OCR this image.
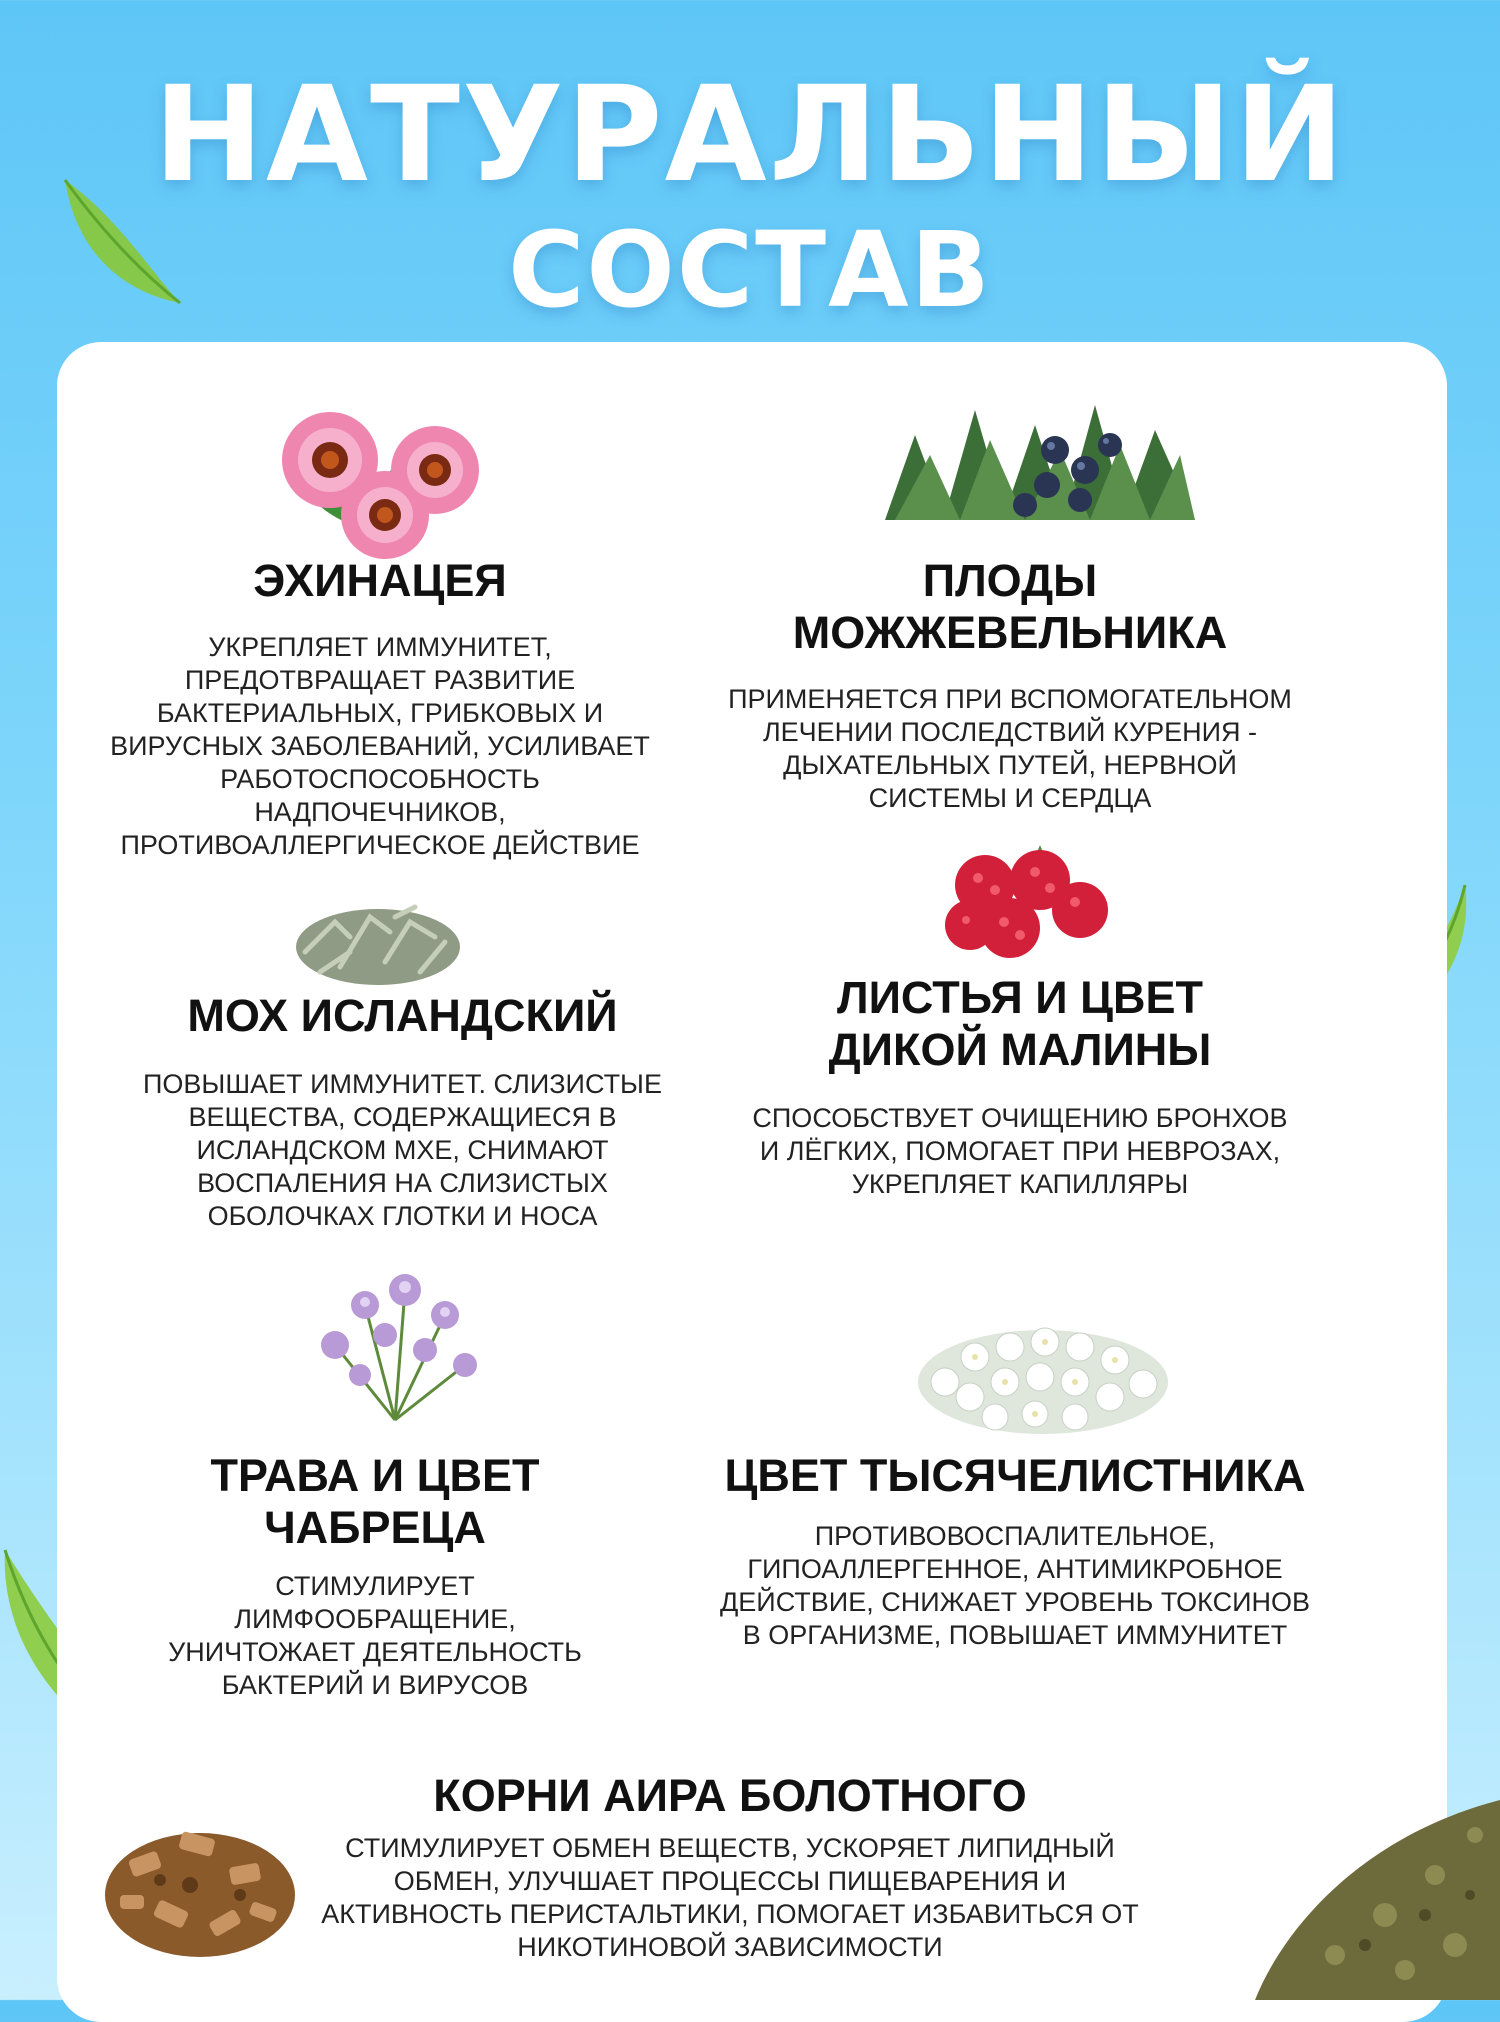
НАТУРАЛЬНЫЙ
СОСТАВ
ЭХИНАЦЕЯ

УКРЕПЛЯЕТ ИММУНИТЕТ, ПРЕДОТВРАЩАЕТ РАЗВИТИЕ БАКТЕРИАЛЬНЫХ, ГРИБКОВЫХ И ВИРУСНЫХ ЗАБОЛЕВАНИЙ, УСИЛИВАЕТ РАБОТОСПОСОБНОСТЬ НАДПОЧЕЧНИКОВ, ПРОТИВОАЛЛЕРГИЧЕСКОЕ ДЕЙСТВИЕ

ПЛОДЫ МОЖЖЕВЕЛЬНИКА

ПРИМЕНЯЕТСЯ ПРИ ВСПОМОГАТЕЛЬНОМ ЛЕЧЕНИИ ПОСЛЕДСТВИЙ КУРЕНИЯ - ДЫХАТЕЛЬНЫХ ПУТЕЙ, НЕРВНОЙ СИСТЕМЫ И СЕРДЦА

МОХ ИСЛАНДСКИЙ

ПОВЫШАЕТ ИММУНИТЕТ. СЛИЗИСТЫЕ ВЕЩЕСТВА, СОДЕРЖАЩИЕСЯ В ИСЛАНДСКОМ МХЕ, СНИМАЮТ ВОСПАЛЕНИЯ НА СЛИЗИСТЫХ ОБОЛОЧКАХ ГЛОТКИ И НОСА

ЛИСТЬЯ И ЦВЕТ ДИКОЙ МАЛИНЫ

СПОСОБСТВУЕТ ОЧИЩЕНИЮ БРОНХОВ И ЛЁГКИХ, ПОМОГАЕТ ПРИ НЕВРОЗАХ, УКРЕПЛЯЕТ КАПИЛЛЯРЫ

ТРАВА И ЦВЕТ ЧАБРЕЦА

СТИМУЛИРУЕТ ЛИМФООБРАЩЕНИЕ, УНИЧТОЖАЕТ ДЕЯТЕЛЬНОСТЬ БАКТЕРИЙ И ВИРУСОВ

ЦВЕТ ТЫСЯЧЕЛИСТНИКА

ПРОТИВОВОСПАЛИТЕЛЬНОЕ, ГИПОАЛЛЕРГЕННОЕ, АНТИМИКРОБНОЕ ДЕЙСТВИЕ, СНИЖАЕТ УРОВЕНЬ ТОКСИНОВ В ОРГАНИЗМЕ, ПОВЫШАЕТ ИММУНИТЕТ

КОРНИ АИРА БОЛОТНОГО

СТИМУЛИРУЕТ ОБМЕН ВЕЩЕСТВ, УСКОРЯЕТ ЛИПИДНЫЙ ОБМЕН, УЛУЧШАЕТ ПРОЦЕССЫ ПИЩЕВАРЕНИЯ И АКТИВНОСТЬ ПЕРИСТАЛЬТИКИ, ПОМОГАЕТ ИЗБАВИТЬСЯ ОТ НИКОТИНОВОЙ ЗАВИСИМОСТИ
